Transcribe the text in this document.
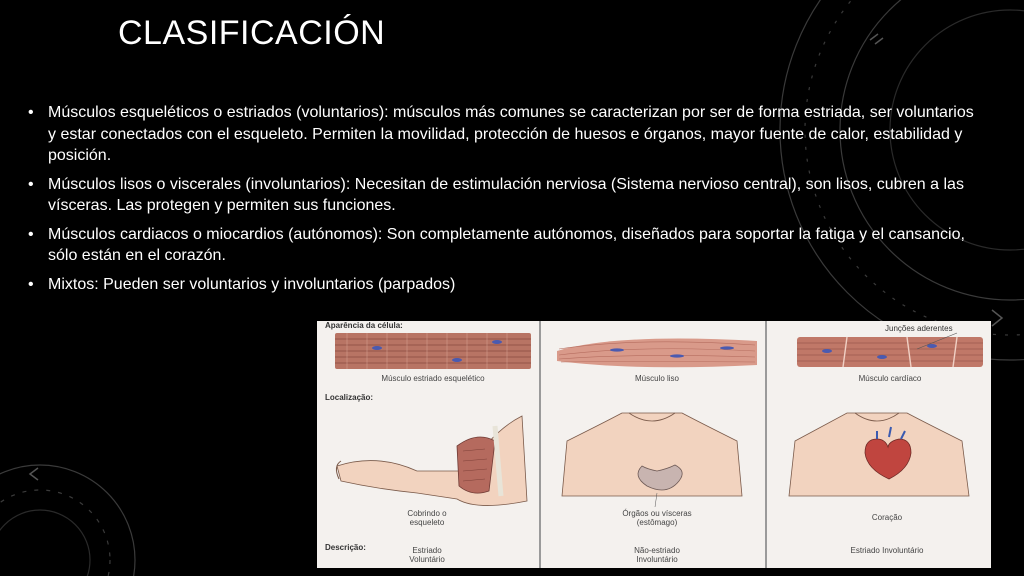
CLASIFICACIÓN
• Músculos esqueléticos o estriados (voluntarios): músculos más comunes se caracterizan por ser de forma estriada, ser voluntarios y estar conectados con el esqueleto. Permiten la movilidad, protección de huesos e órganos, mayor fuente de calor, estabilidad y posición.
• Músculos lisos o viscerales (involuntarios): Necesitan de estimulación nerviosa (Sistema nervioso central), son lisos, cubren a las vísceras. Las protegen y permiten sus funciones.
• Músculos cardiacos o miocardios (autónomos): Son completamente autónomos, diseñados para soportar la fatiga y el cansancio, sólo están en el corazón.
• Mixtos: Pueden ser voluntarios y involuntarios (parpados)
Aparência da célula:
Localização:
Descrição:
Junções aderentes
Músculo estriado esquelético	Músculo liso	Músculo cardíaco
Cobrindo o esqueleto
Órgãos ou vísceras (estômago)
Coração
Estriado Voluntário
Não-estriado Involuntário
Estriado Involuntário
